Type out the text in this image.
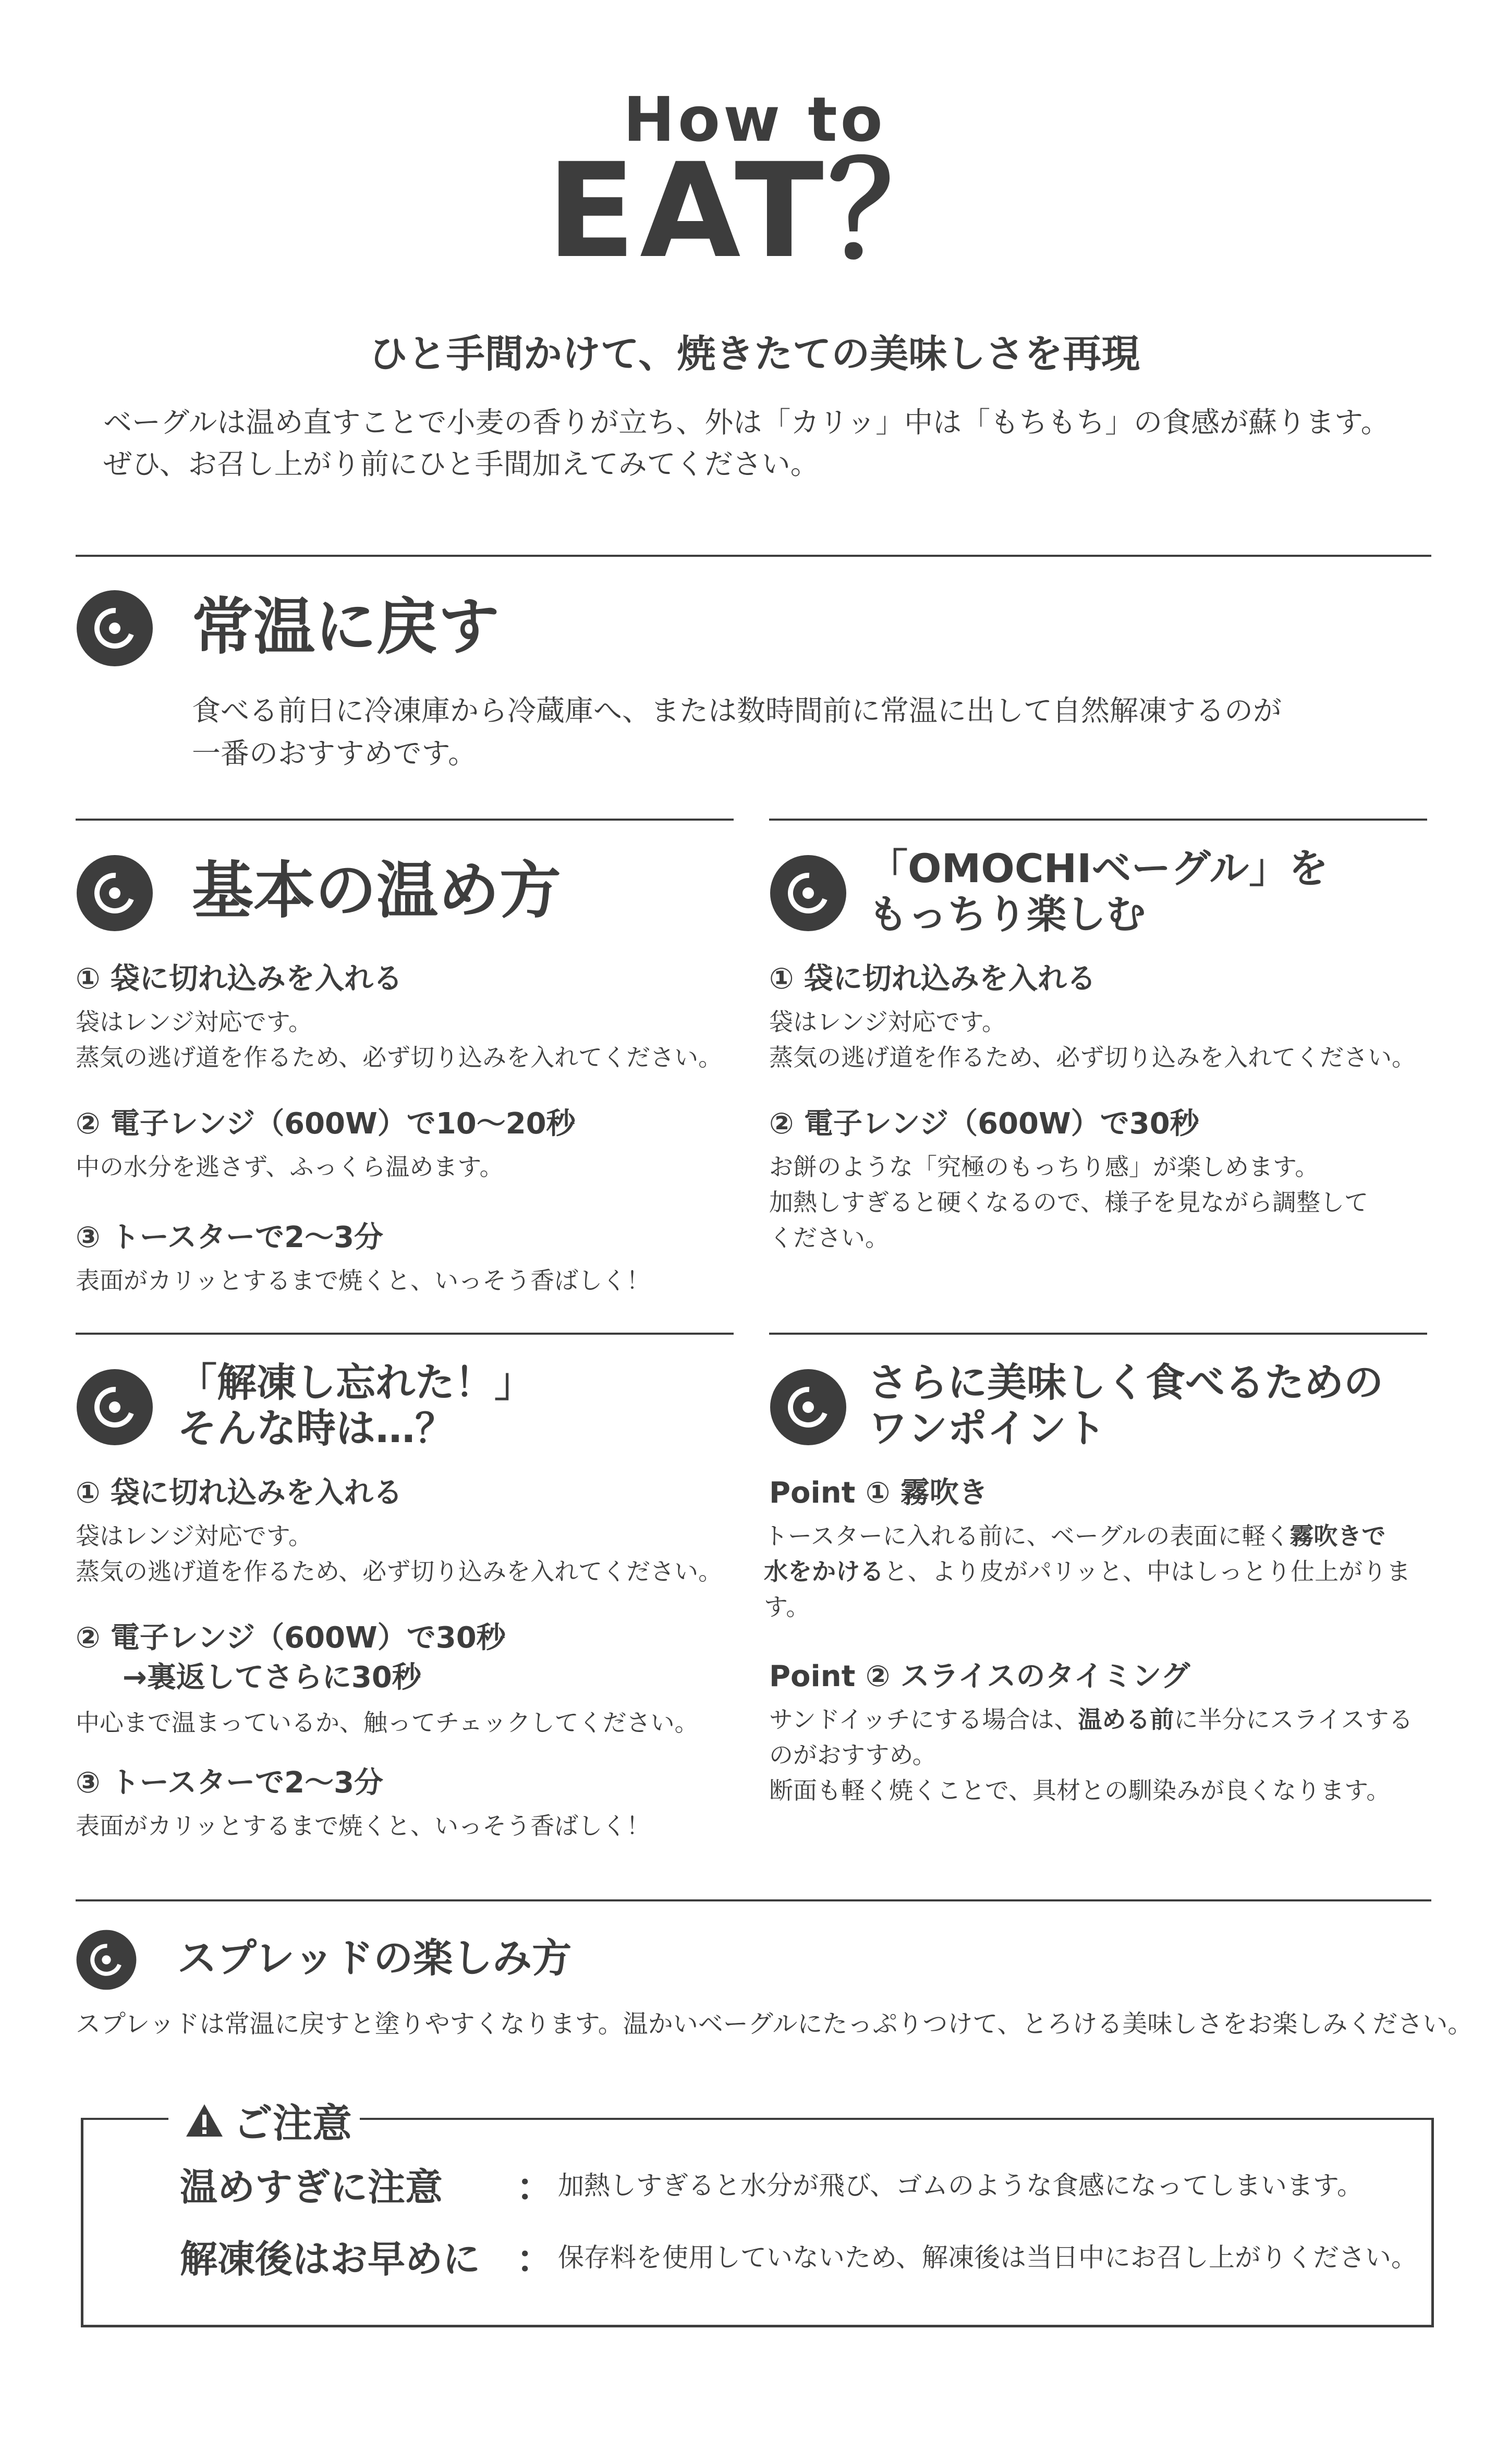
How to
EAT？
ひと手間かけて、焼きたての美味しさを再現
ベーグルは温め直すことで小麦の香りが立ち、外は「カリッ」中は「もちもち」の食感が蘇ります。
ぜひ、お召し上がり前にひと手間加えてみてください。
常温に戻す
食べる前日に冷凍庫から冷蔵庫へ、または数時間前に常温に出して自然解凍するのが
一番のおすすめです。
基本の温め方
① 袋に切れ込みを入れる
袋はレンジ対応です。
蒸気の逃げ道を作るため、必ず切り込みを入れてください。
② 電子レンジ（600W）で10〜20秒
中の水分を逃さず、ふっくら温めます。
③ トースターで2〜3分
表面がカリッとするまで焼くと、いっそう香ばしく！
「OMOCHIベーグル」を
もっちり楽しむ
① 袋に切れ込みを入れる
袋はレンジ対応です。
蒸気の逃げ道を作るため、必ず切り込みを入れてください。
② 電子レンジ（600W）で30秒
お餅のような「究極のもっちり感」が楽しめます。
加熱しすぎると硬くなるので、様子を見ながら調整して
ください。
「解凍し忘れた！」
そんな時は…？
① 袋に切れ込みを入れる
袋はレンジ対応です。
蒸気の逃げ道を作るため、必ず切り込みを入れてください。
② 電子レンジ（600W）で30秒
→裏返してさらに30秒
中心まで温まっているか、触ってチェックしてください。
③ トースターで2〜3分
表面がカリッとするまで焼くと、いっそう香ばしく！
さらに美味しく食べるための
ワンポイント
Point ① 霧吹き
トースターに入れる前に、ベーグルの表面に軽く霧吹きで
水をかけると、より皮がパリッと、中はしっとり仕上がります。
Point ② スライスのタイミング
サンドイッチにする場合は、温める前に半分にスライスする
のがおすすめ。
断面も軽く焼くことで、具材との馴染みが良くなります。
スプレッドの楽しみ方
スプレッドは常温に戻すと塗りやすくなります。温かいベーグルにたっぷりつけて、とろける美味しさをお楽しみください。
ご注意
温めすぎに注意 ： 加熱しすぎると水分が飛び、ゴムのような食感になってしまいます。
解凍後はお早めに ： 保存料を使用していないため、解凍後は当日中にお召し上がりください。
